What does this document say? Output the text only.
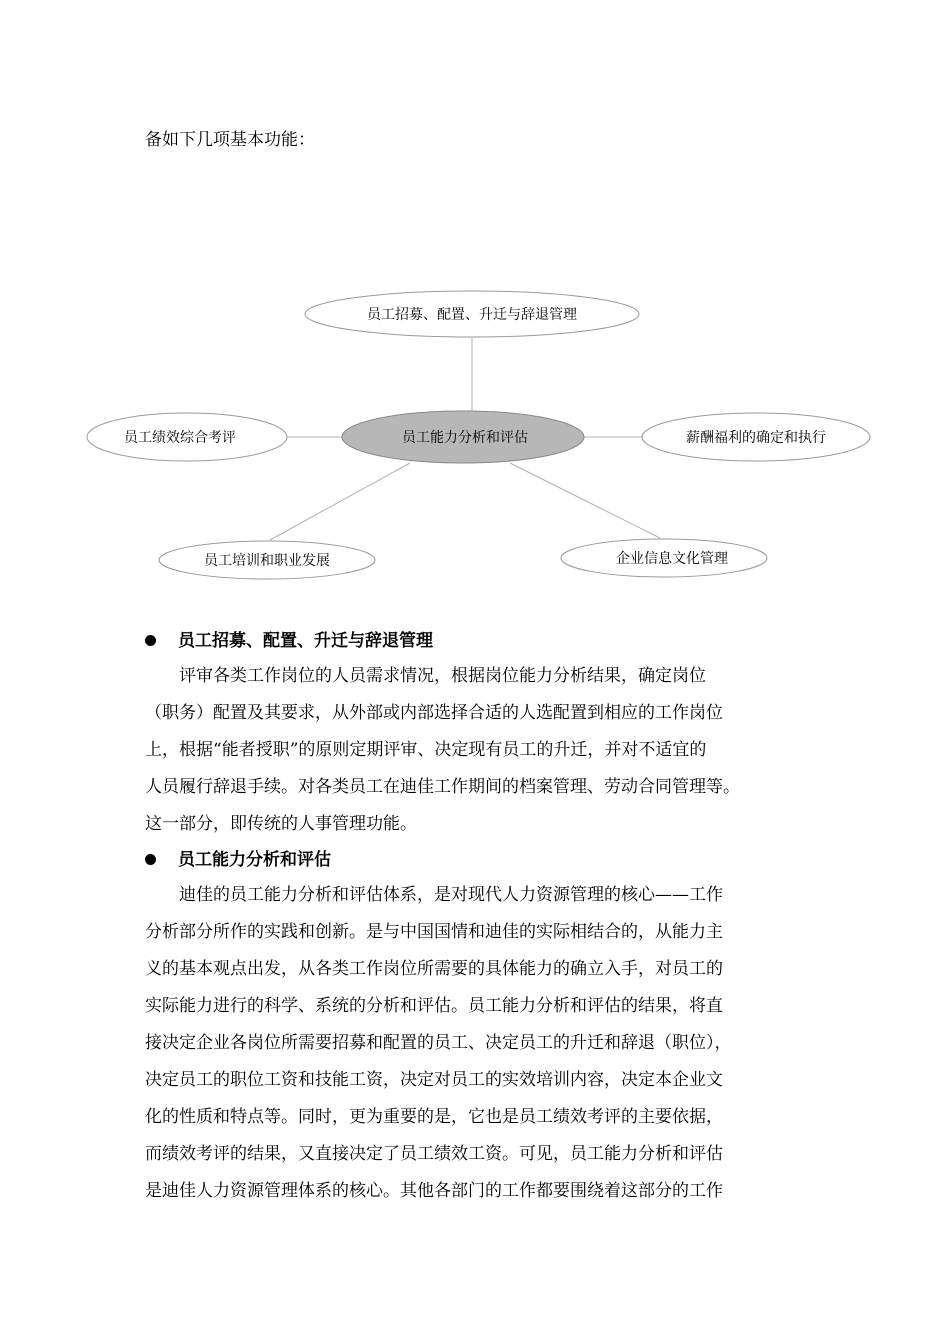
备如下几项基本功能：

员工招募、配置、升迁与辞退管理
员工绩效综合考评	员工能力分析和评估	薪酬福利的确定和执行
员工培训和职业发展	企业信息文化管理

员工招募、配置、升迁与辞退管理

评审各类工作岗位的人员需求情况，根据岗位能力分析结果，确定岗位

（职务）配置及其要求，从外部或内部选择合适的人选配置到相应的工作岗位

上，根据“能者授职”的原则定期评审、决定现有员工的升迁，并对不适宜的

人员履行辞退手续。对各类员工在迪佳工作期间的档案管理、劳动合同管理等。

这一部分，即传统的人事管理功能。

员工能力分析和评估

迪佳的员工能力分析和评估体系，是对现代人力资源管理的核心——工作

分析部分所作的实践和创新。是与中国国情和迪佳的实际相结合的，从能力主

义的基本观点出发，从各类工作岗位所需要的具体能力的确立入手，对员工的

实际能力进行的科学、系统的分析和评估。员工能力分析和评估的结果，将直

接决定企业各岗位所需要招募和配置的员工、决定员工的升迁和辞退（职位），

决定员工的职位工资和技能工资，决定对员工的实效培训内容，决定本企业文

化的性质和特点等。同时，更为重要的是，它也是员工绩效考评的主要依据，

而绩效考评的结果，又直接决定了员工绩效工资。可见，员工能力分析和评估

是迪佳人力资源管理体系的核心。其他各部门的工作都要围绕着这部分的工作
